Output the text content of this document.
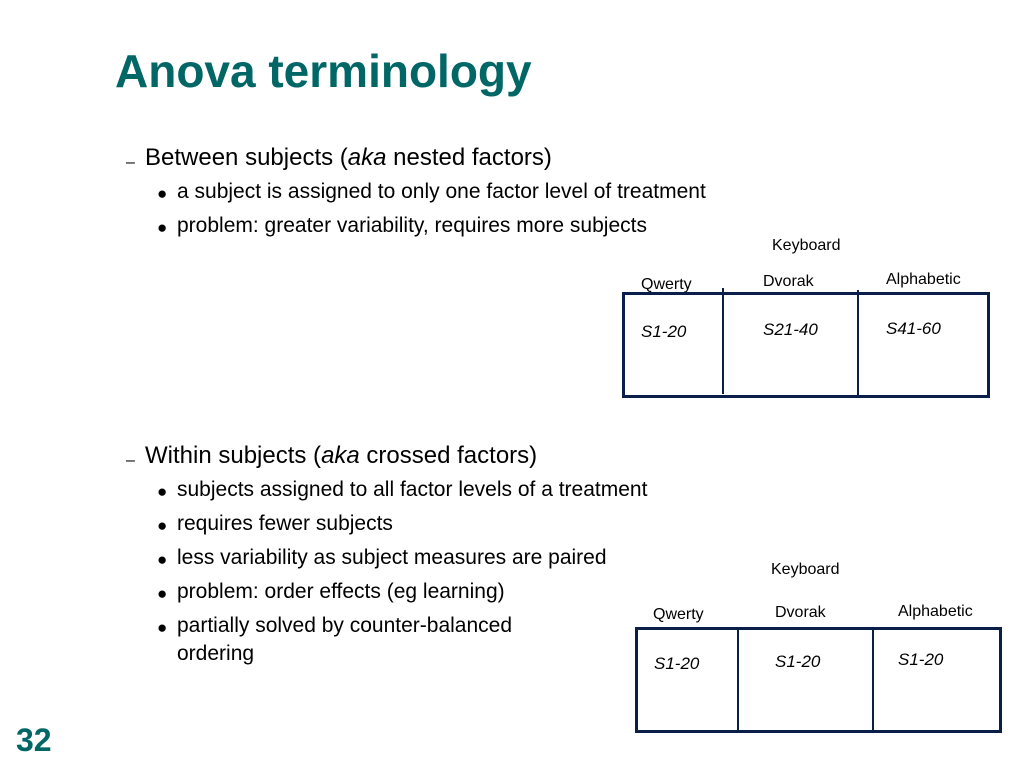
Anova terminology
– Between subjects (aka nested factors)
● a subject is assigned to only one factor level of treatment
● problem: greater variability, requires more subjects
Keyboard
Qwerty	Dvorak	Alphabetic
S1-20	S21-40	S41-60
– Within subjects (aka crossed factors)
● subjects assigned to all factor levels of a treatment
● requires fewer subjects
● less variability as subject measures are paired
● problem: order effects (eg learning)
● partially solved by counter-balanced
ordering
Keyboard
Qwerty	Dvorak	Alphabetic
S1-20	S1-20	S1-20
32
